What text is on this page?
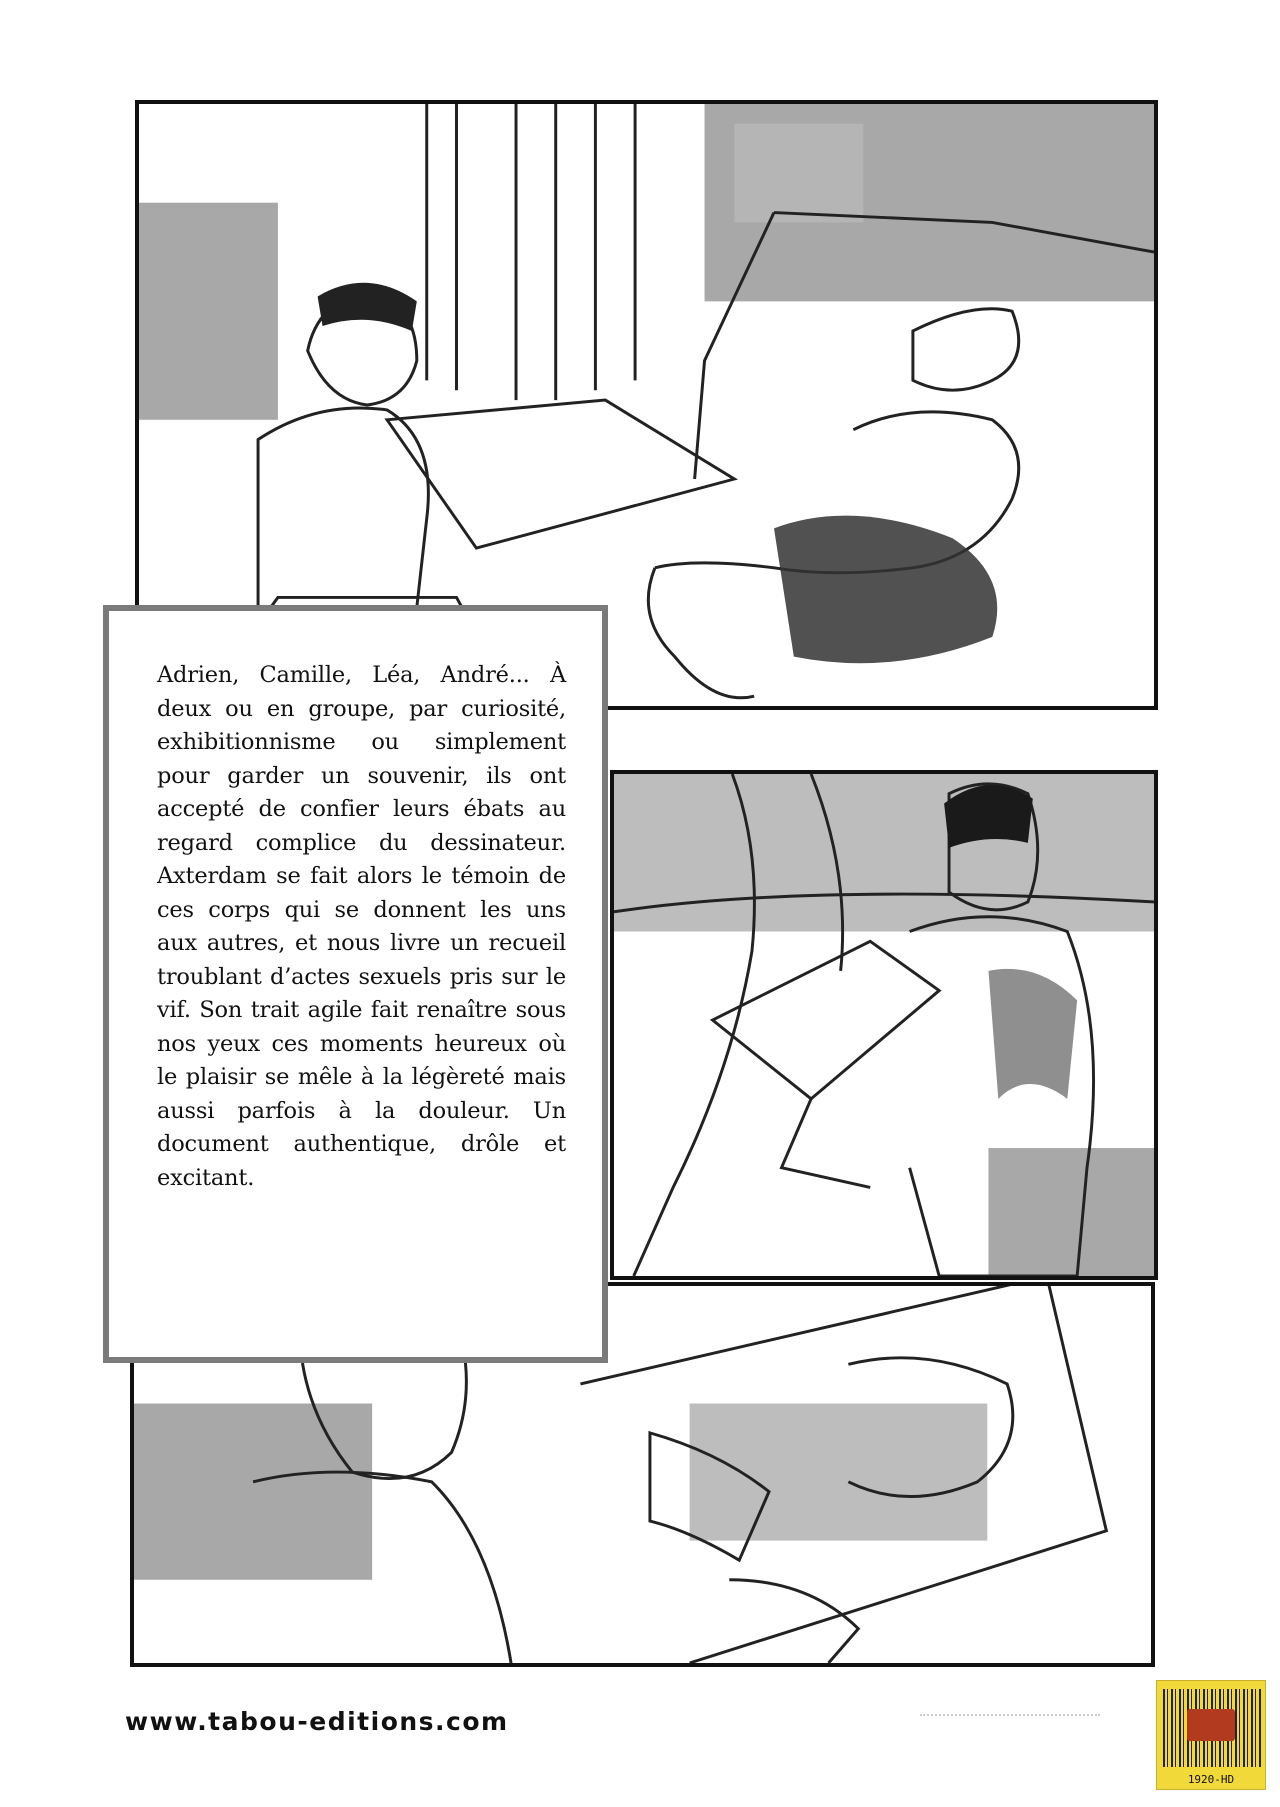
Adrien, Camille, Léa, André... À deux ou en groupe, par curiosité, exhibitionnisme ou simplement pour garder un souvenir, ils ont accepté de confier leurs ébats au regard complice du dessinateur. Axterdam se fait alors le témoin de ces corps qui se donnent les uns aux autres, et nous livre un recueil troublant d’actes sexuels pris sur le vif. Son trait agile fait renaître sous nos yeux ces moments heureux où le plaisir se mêle à la légèreté mais aussi parfois à la douleur. Un document authentique, drôle et excitant.

www.tabou-editions.com
1920-HD
